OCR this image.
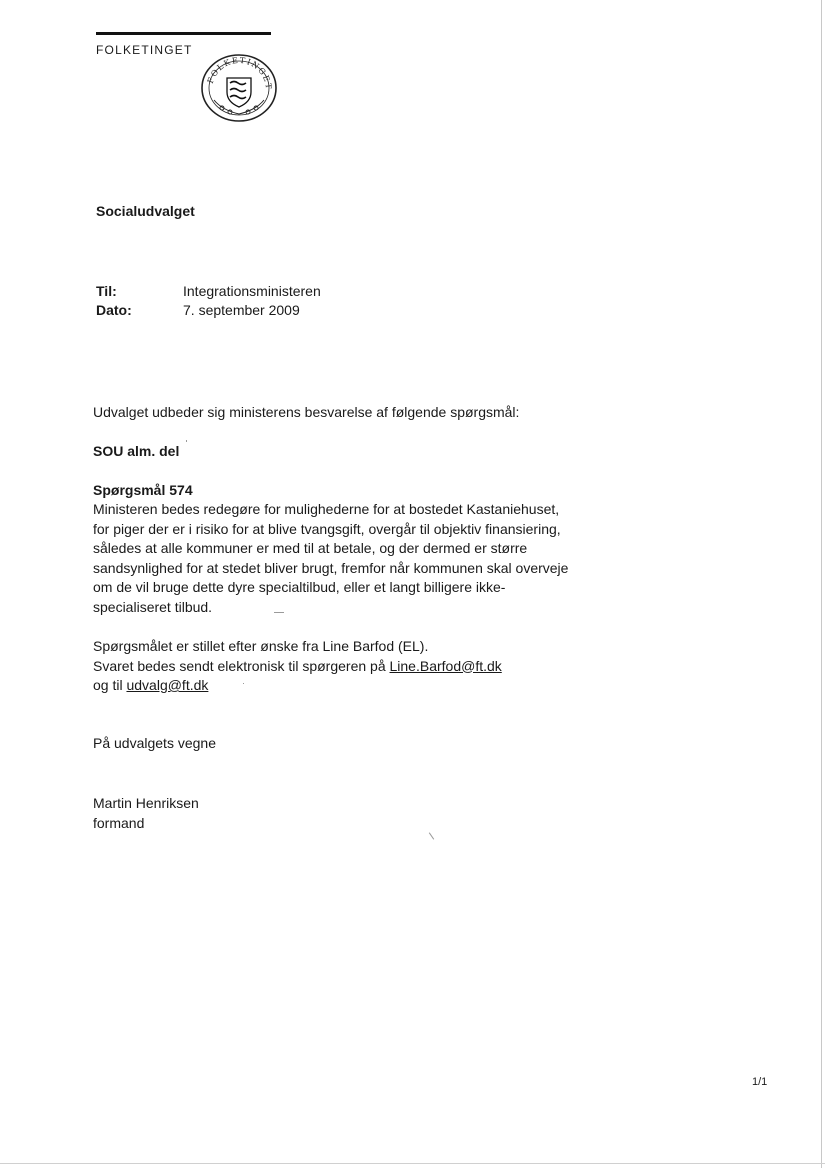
FOLKETINGET
FOLKETINGET
Socialudvalget
Til:	Integrationsministeren
Dato:	7. september 2009
Udvalget udbeder sig ministerens besvarelse af følgende spørgsmål:
SOU alm. del
Spørgsmål 574
Ministeren bedes redegøre for mulighederne for at bostedet Kastaniehuset,
for piger der er i risiko for at blive tvangsgift, overgår til objektiv finansiering,
således at alle kommuner er med til at betale, og der dermed er større
sandsynlighed for at stedet bliver brugt, fremfor når kommunen skal overveje
om de vil bruge dette dyre specialtilbud, eller et langt billigere ikke-
specialiseret tilbud.
Spørgsmålet er stillet efter ønske fra Line Barfod (EL).
Svaret bedes sendt elektronisk til spørgeren på Line.Barfod@ft.dk
og til udvalg@ft.dk
På udvalgets vegne
Martin Henriksen
formand
1/1
